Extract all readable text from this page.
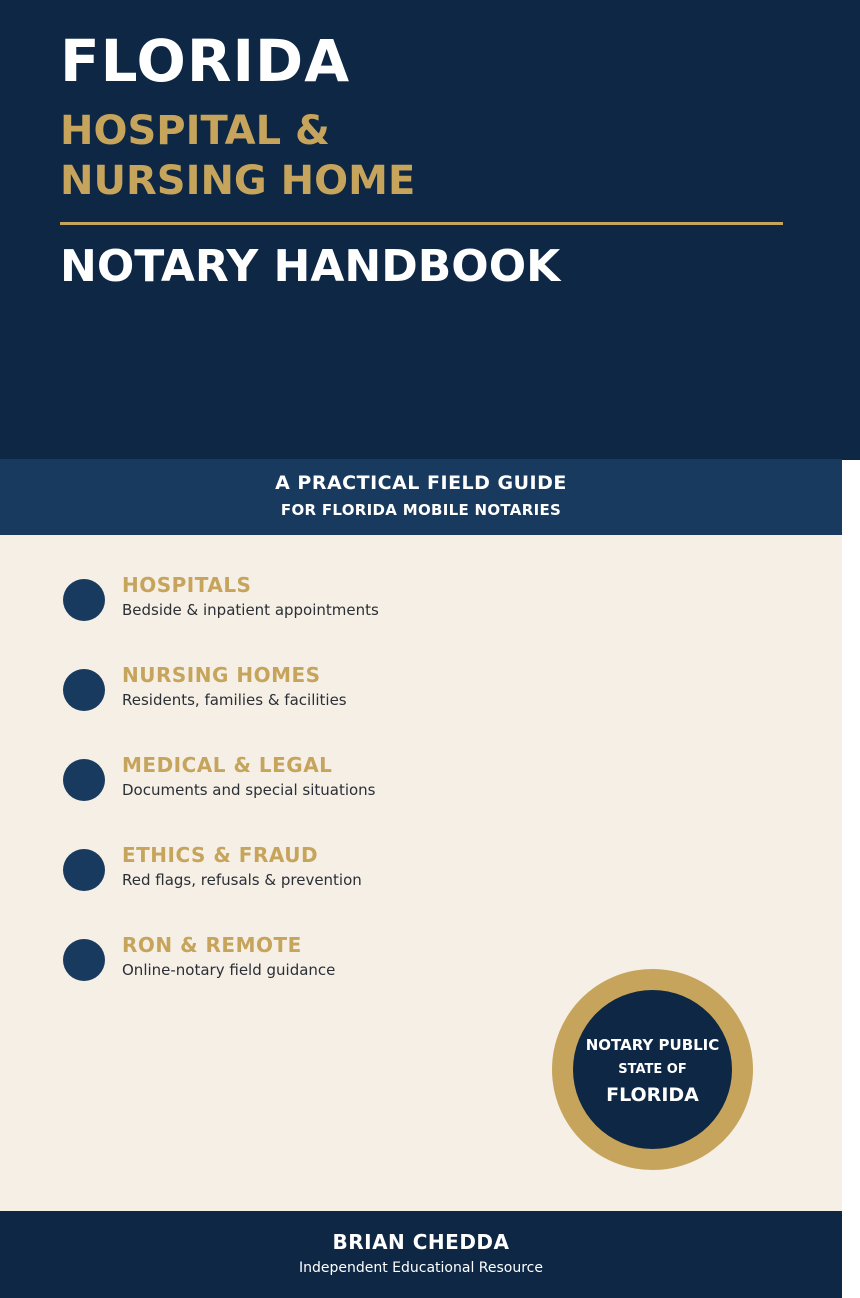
FLORIDA
HOSPITAL &
NURSING HOME
NOTARY HANDBOOK
A PRACTICAL FIELD GUIDE
FOR FLORIDA MOBILE NOTARIES
HOSPITALS
Bedside & inpatient appointments
NURSING HOMES
Residents, families & facilities
MEDICAL & LEGAL
Documents and special situations
ETHICS & FRAUD
Red flags, refusals & prevention
RON & REMOTE
Online-notary field guidance
NOTARY PUBLIC
STATE OF
FLORIDA
BRIAN CHEDDA
Independent Educational Resource
